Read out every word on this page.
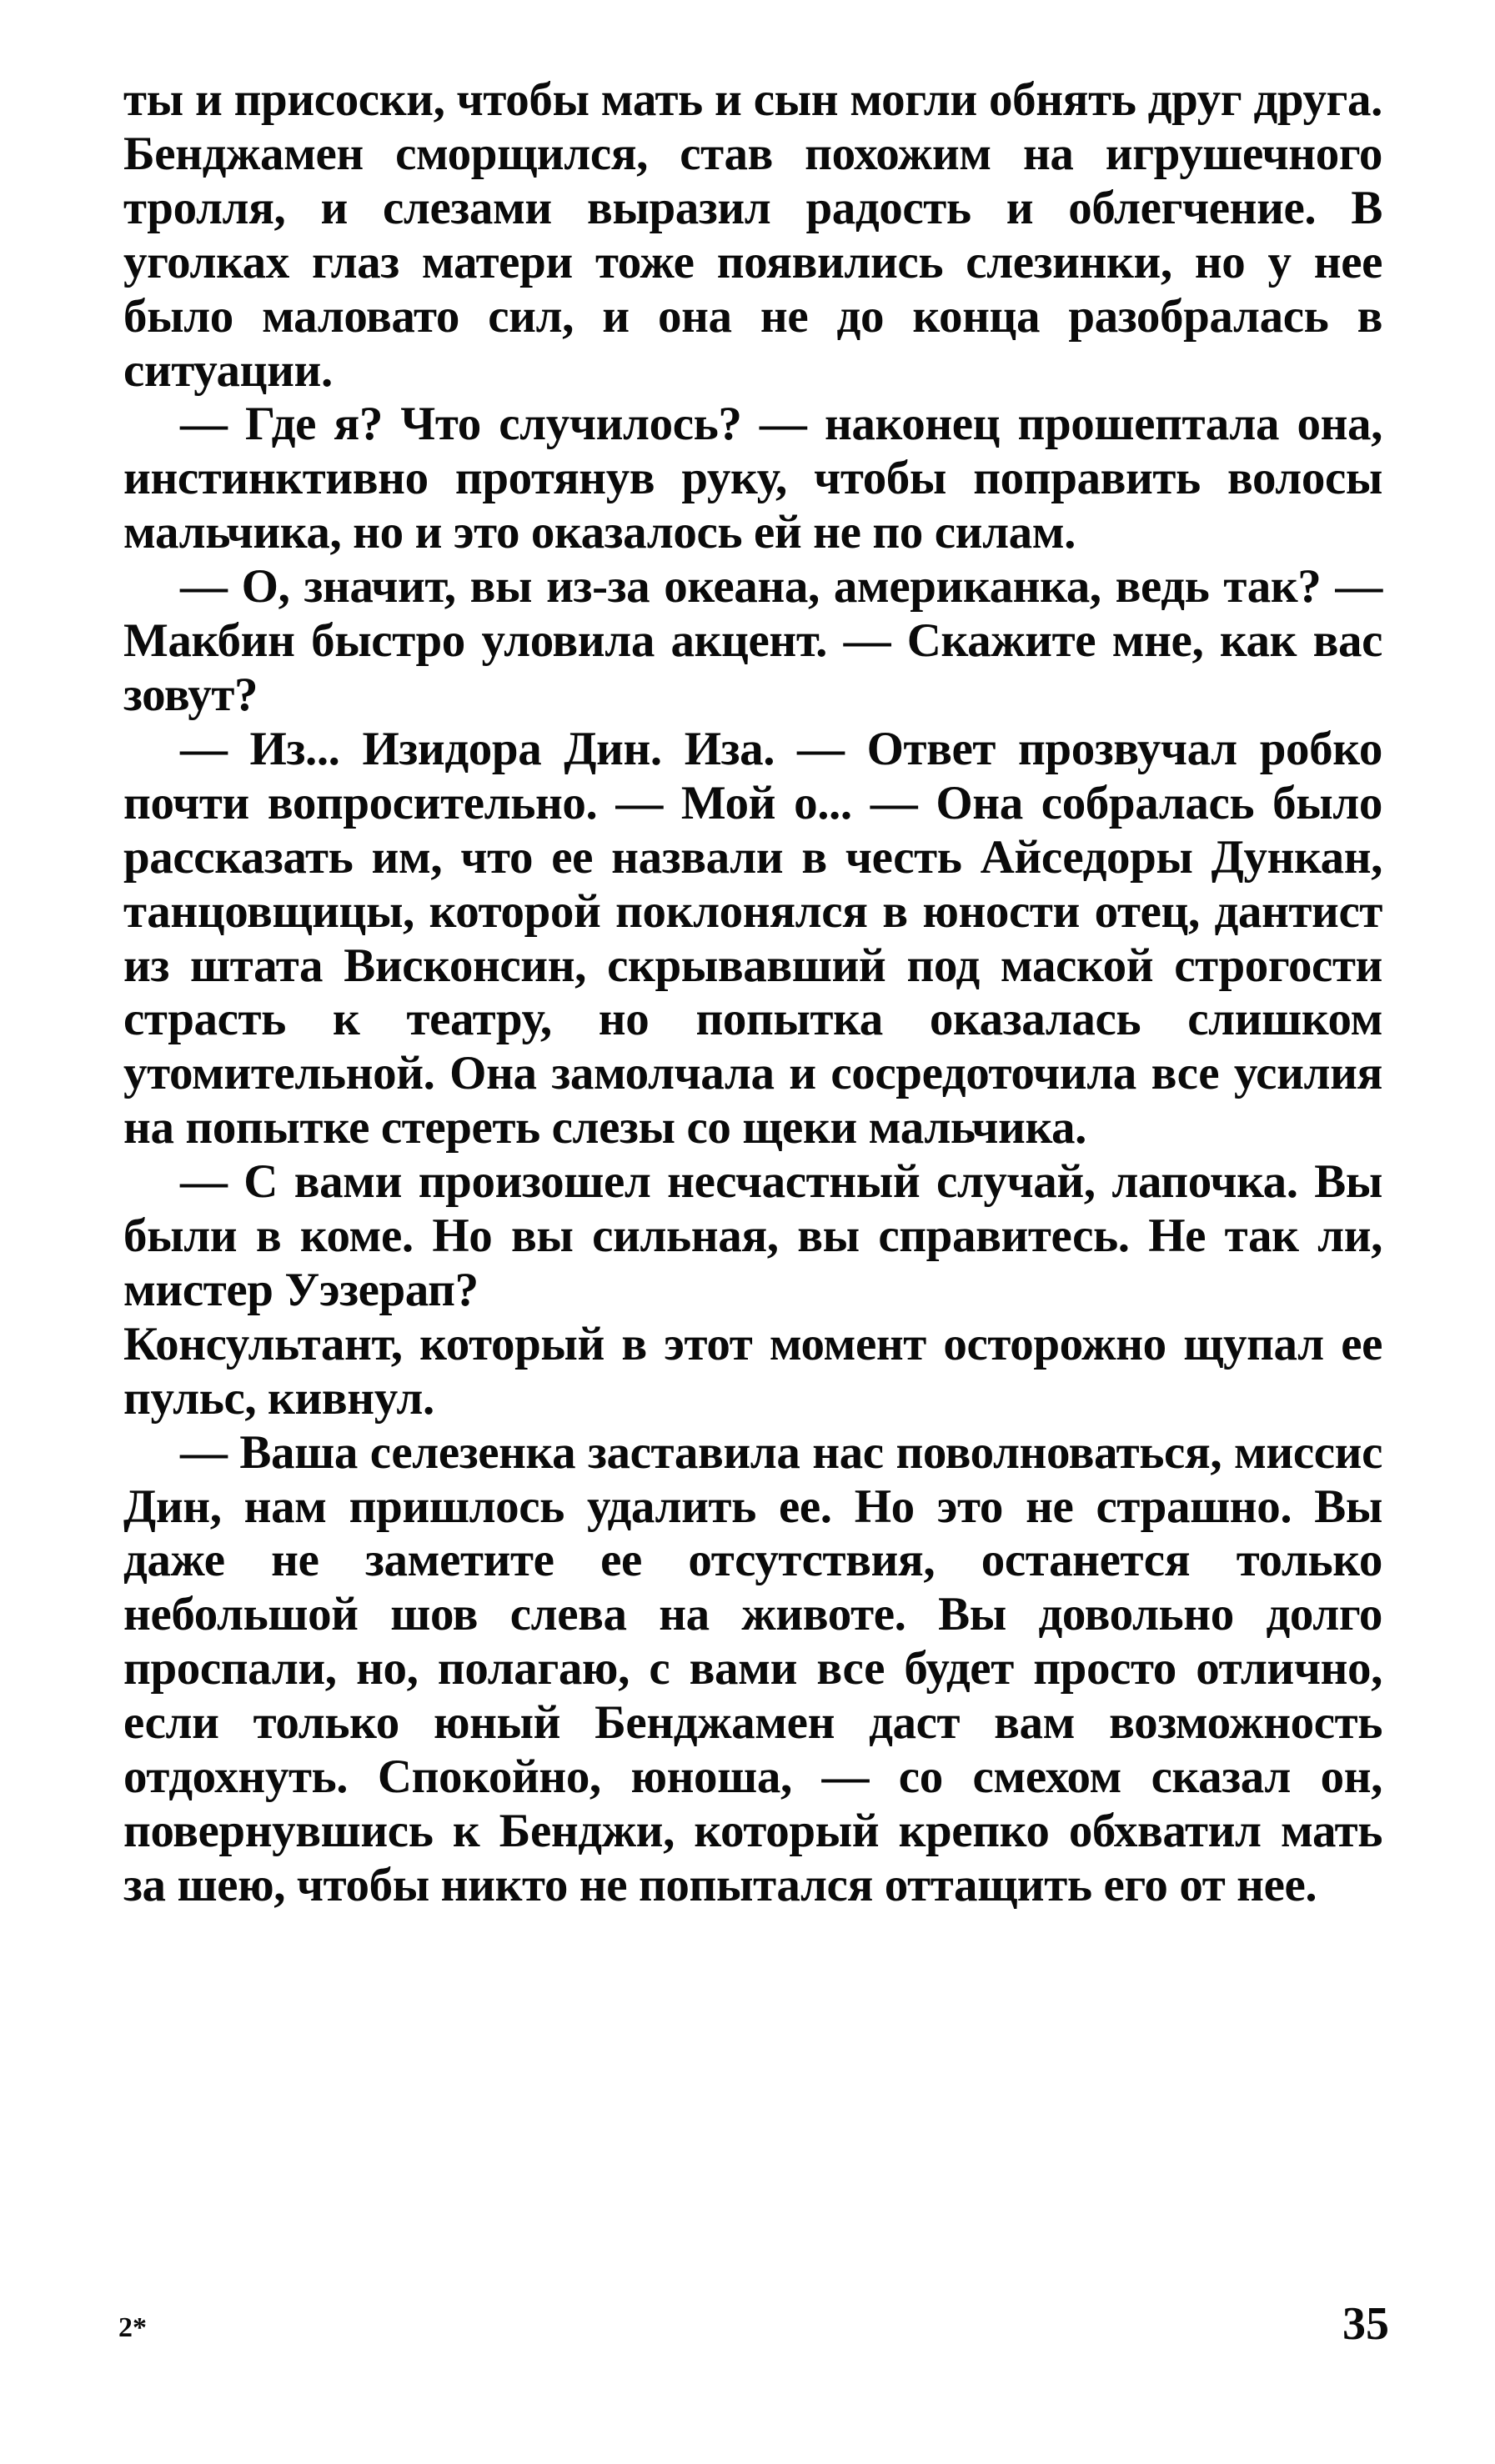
ты и присоски, чтобы мать и сын могли обнять друг друга. Бенджамен сморщился, став похожим на игрушечного тролля, и слезами выразил радость и облегчение. В уголках глаз матери тоже появились слезинки, но у нее было маловато сил, и она не до конца разобралась в ситуации.

— Где я? Что случилось? — наконец прошептала она, инстинктивно протянув руку, чтобы поправить волосы мальчика, но и это оказалось ей не по силам.

— О, значит, вы из-за океана, американка, ведь так? — Макбин быстро уловила акцент. — Скажите мне, как вас зовут?

— Из... Изидора Дин. Иза. — Ответ прозвучал робко почти вопросительно. — Мой о... — Она собралась было рассказать им, что ее назвали в честь Айседоры Дункан, танцовщицы, которой поклонялся в юности отец, дантист из штата Висконсин, скрывавший под маской строгости страсть к театру, но попытка оказалась слишком утомительной. Она замолчала и сосредоточила все усилия на попытке стереть слезы со щеки мальчика.

— С вами произошел несчастный случай, лапочка. Вы были в коме. Но вы сильная, вы справитесь. Не так ли, мистер Уэзерап?

Консультант, который в этот момент осторожно щупал ее пульс, кивнул.

— Ваша селезенка заставила нас поволноваться, миссис Дин, нам пришлось удалить ее. Но это не страшно. Вы даже не заметите ее отсутствия, останется только небольшой шов слева на животе. Вы довольно долго проспали, но, полагаю, с вами все будет просто отлично, если только юный Бенджамен даст вам возможность отдохнуть. Спокойно, юноша, — со смехом сказал он, повернувшись к Бенджи, который крепко обхватил мать за шею, чтобы никто не попытался оттащить его от нее.

2*	35
